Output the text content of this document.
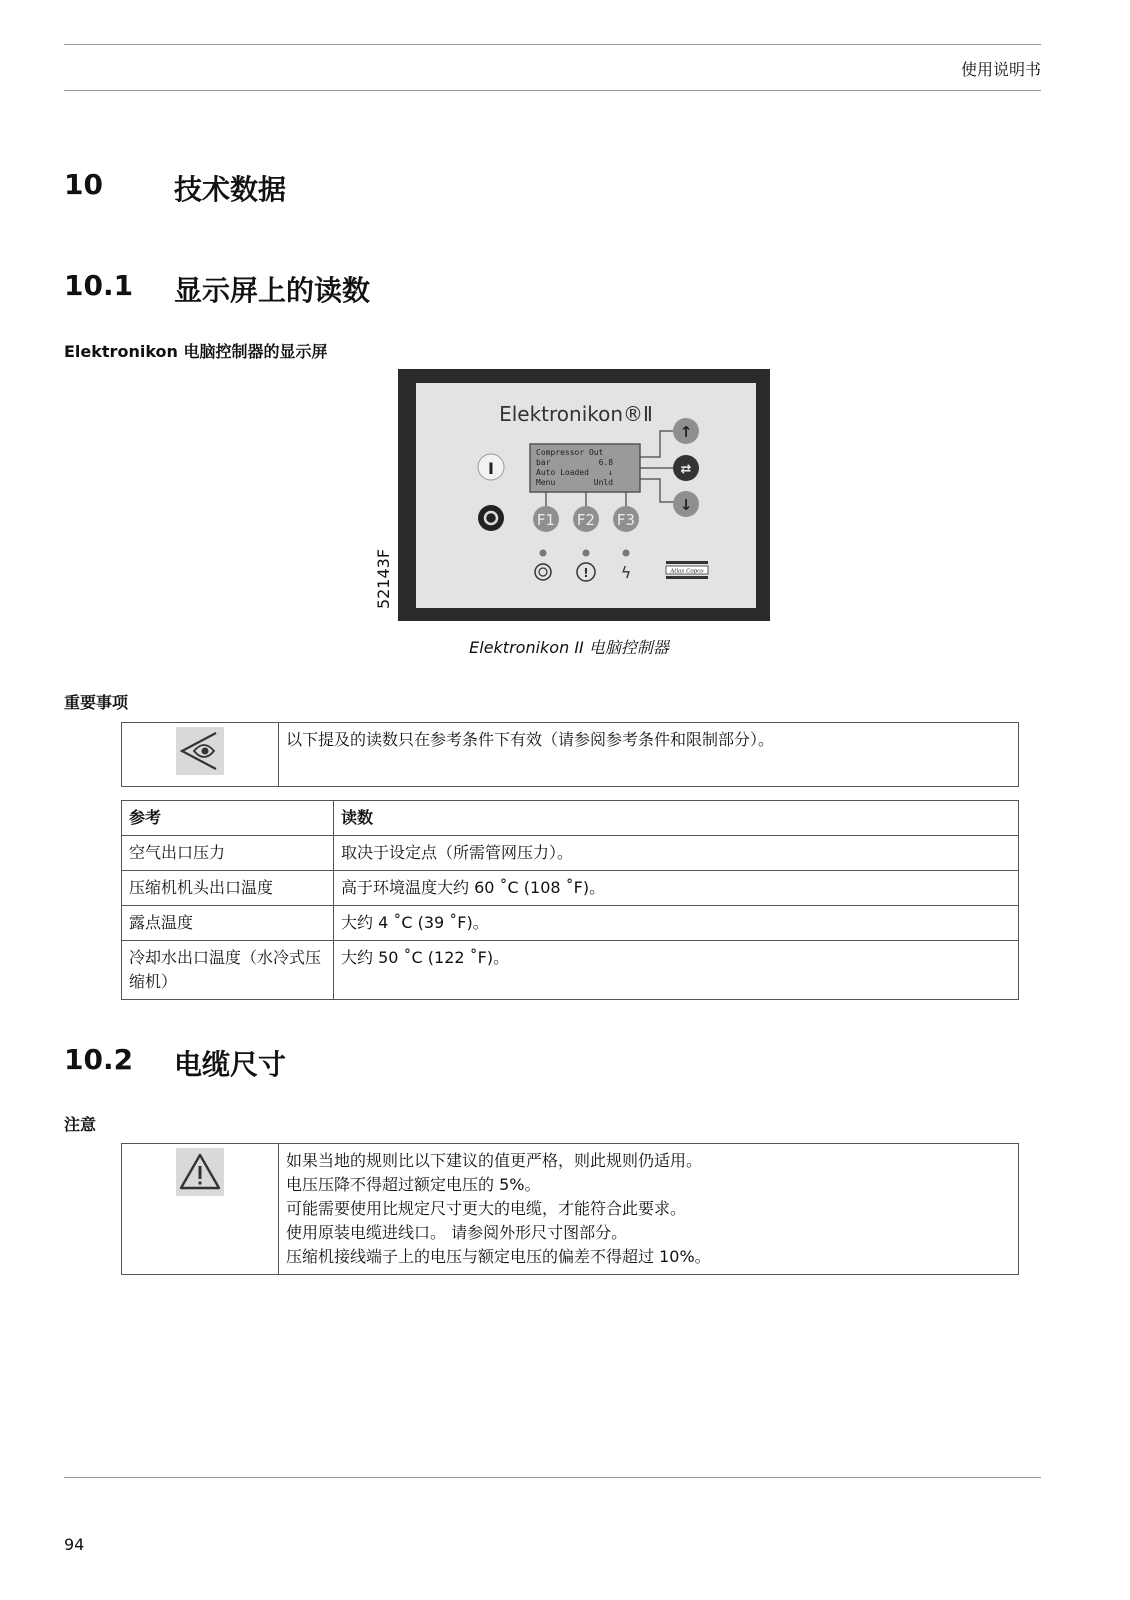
使用说明书
10	技术数据
10.1 显示屏上的读数
Elektronikon 电脑控制器的显示屏
Elektronikon®Ⅱ
Compressor Out
bar          6.8
Auto Loaded    ↓
Menu        Unld
I
F1 F2 F3
↑
⇄
↓
! ϟ	Atlas Copco
52143F
Elektronikon II 电脑控制器
重要事项
	以下提及的读数只在参考条件下有效（请参阅参考条件和限制部分）。
参考	读数
空气出口压力	取决于设定点（所需管网压力）。
压缩机机头出口温度	高于环境温度大约 60 ˚C (108 ˚F)。
露点温度	大约 4 ˚C (39 ˚F)。
冷却水出口温度（水冷式压缩机）	大约 50 ˚C (122 ˚F)。
10.2 电缆尺寸
注意

如果当地的规则比以下建议的值更严格，则此规则仍适用。
电压压降不得超过额定电压的 5%。
可能需要使用比规定尺寸更大的电缆，才能符合此要求。
使用原装电缆进线口。 请参阅外形尺寸图部分。
压缩机接线端子上的电压与额定电压的偏差不得超过 10%。
94
